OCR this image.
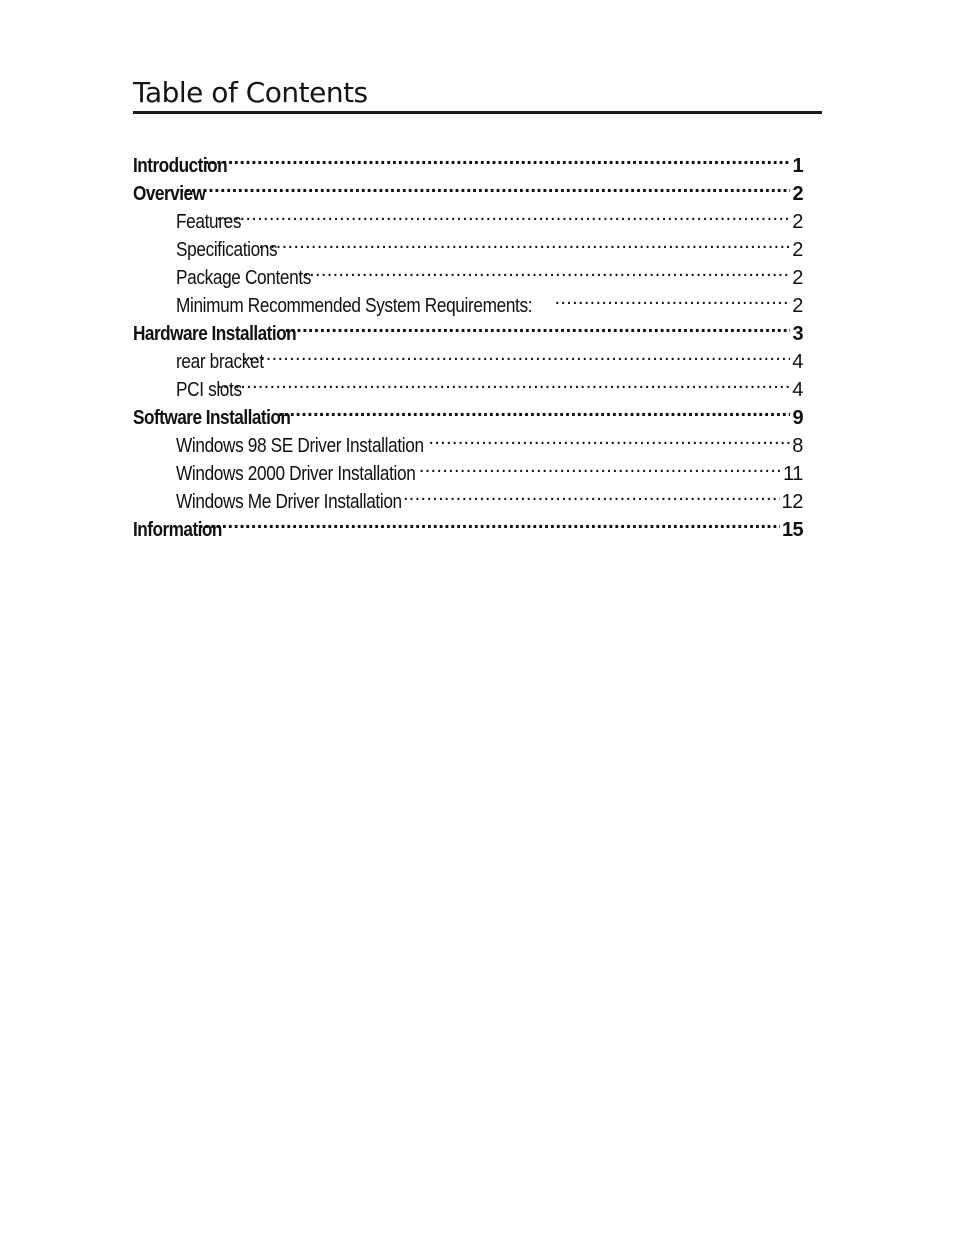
Table of Contents
Introduction .....	1
Overview .....	2
Features .....	2
Specifications .....	2
Package Contents .....	2
Minimum Recommended System Requirements: .....	2
Hardware Installation .....	3
rear bracket .....	4
PCI slots .....	4
Software Installation .....	9
Windows 98 SE Driver Installation .....	8
Windows 2000 Driver Installation .....	11
Windows Me Driver Installation .....	12
Information .....	15
